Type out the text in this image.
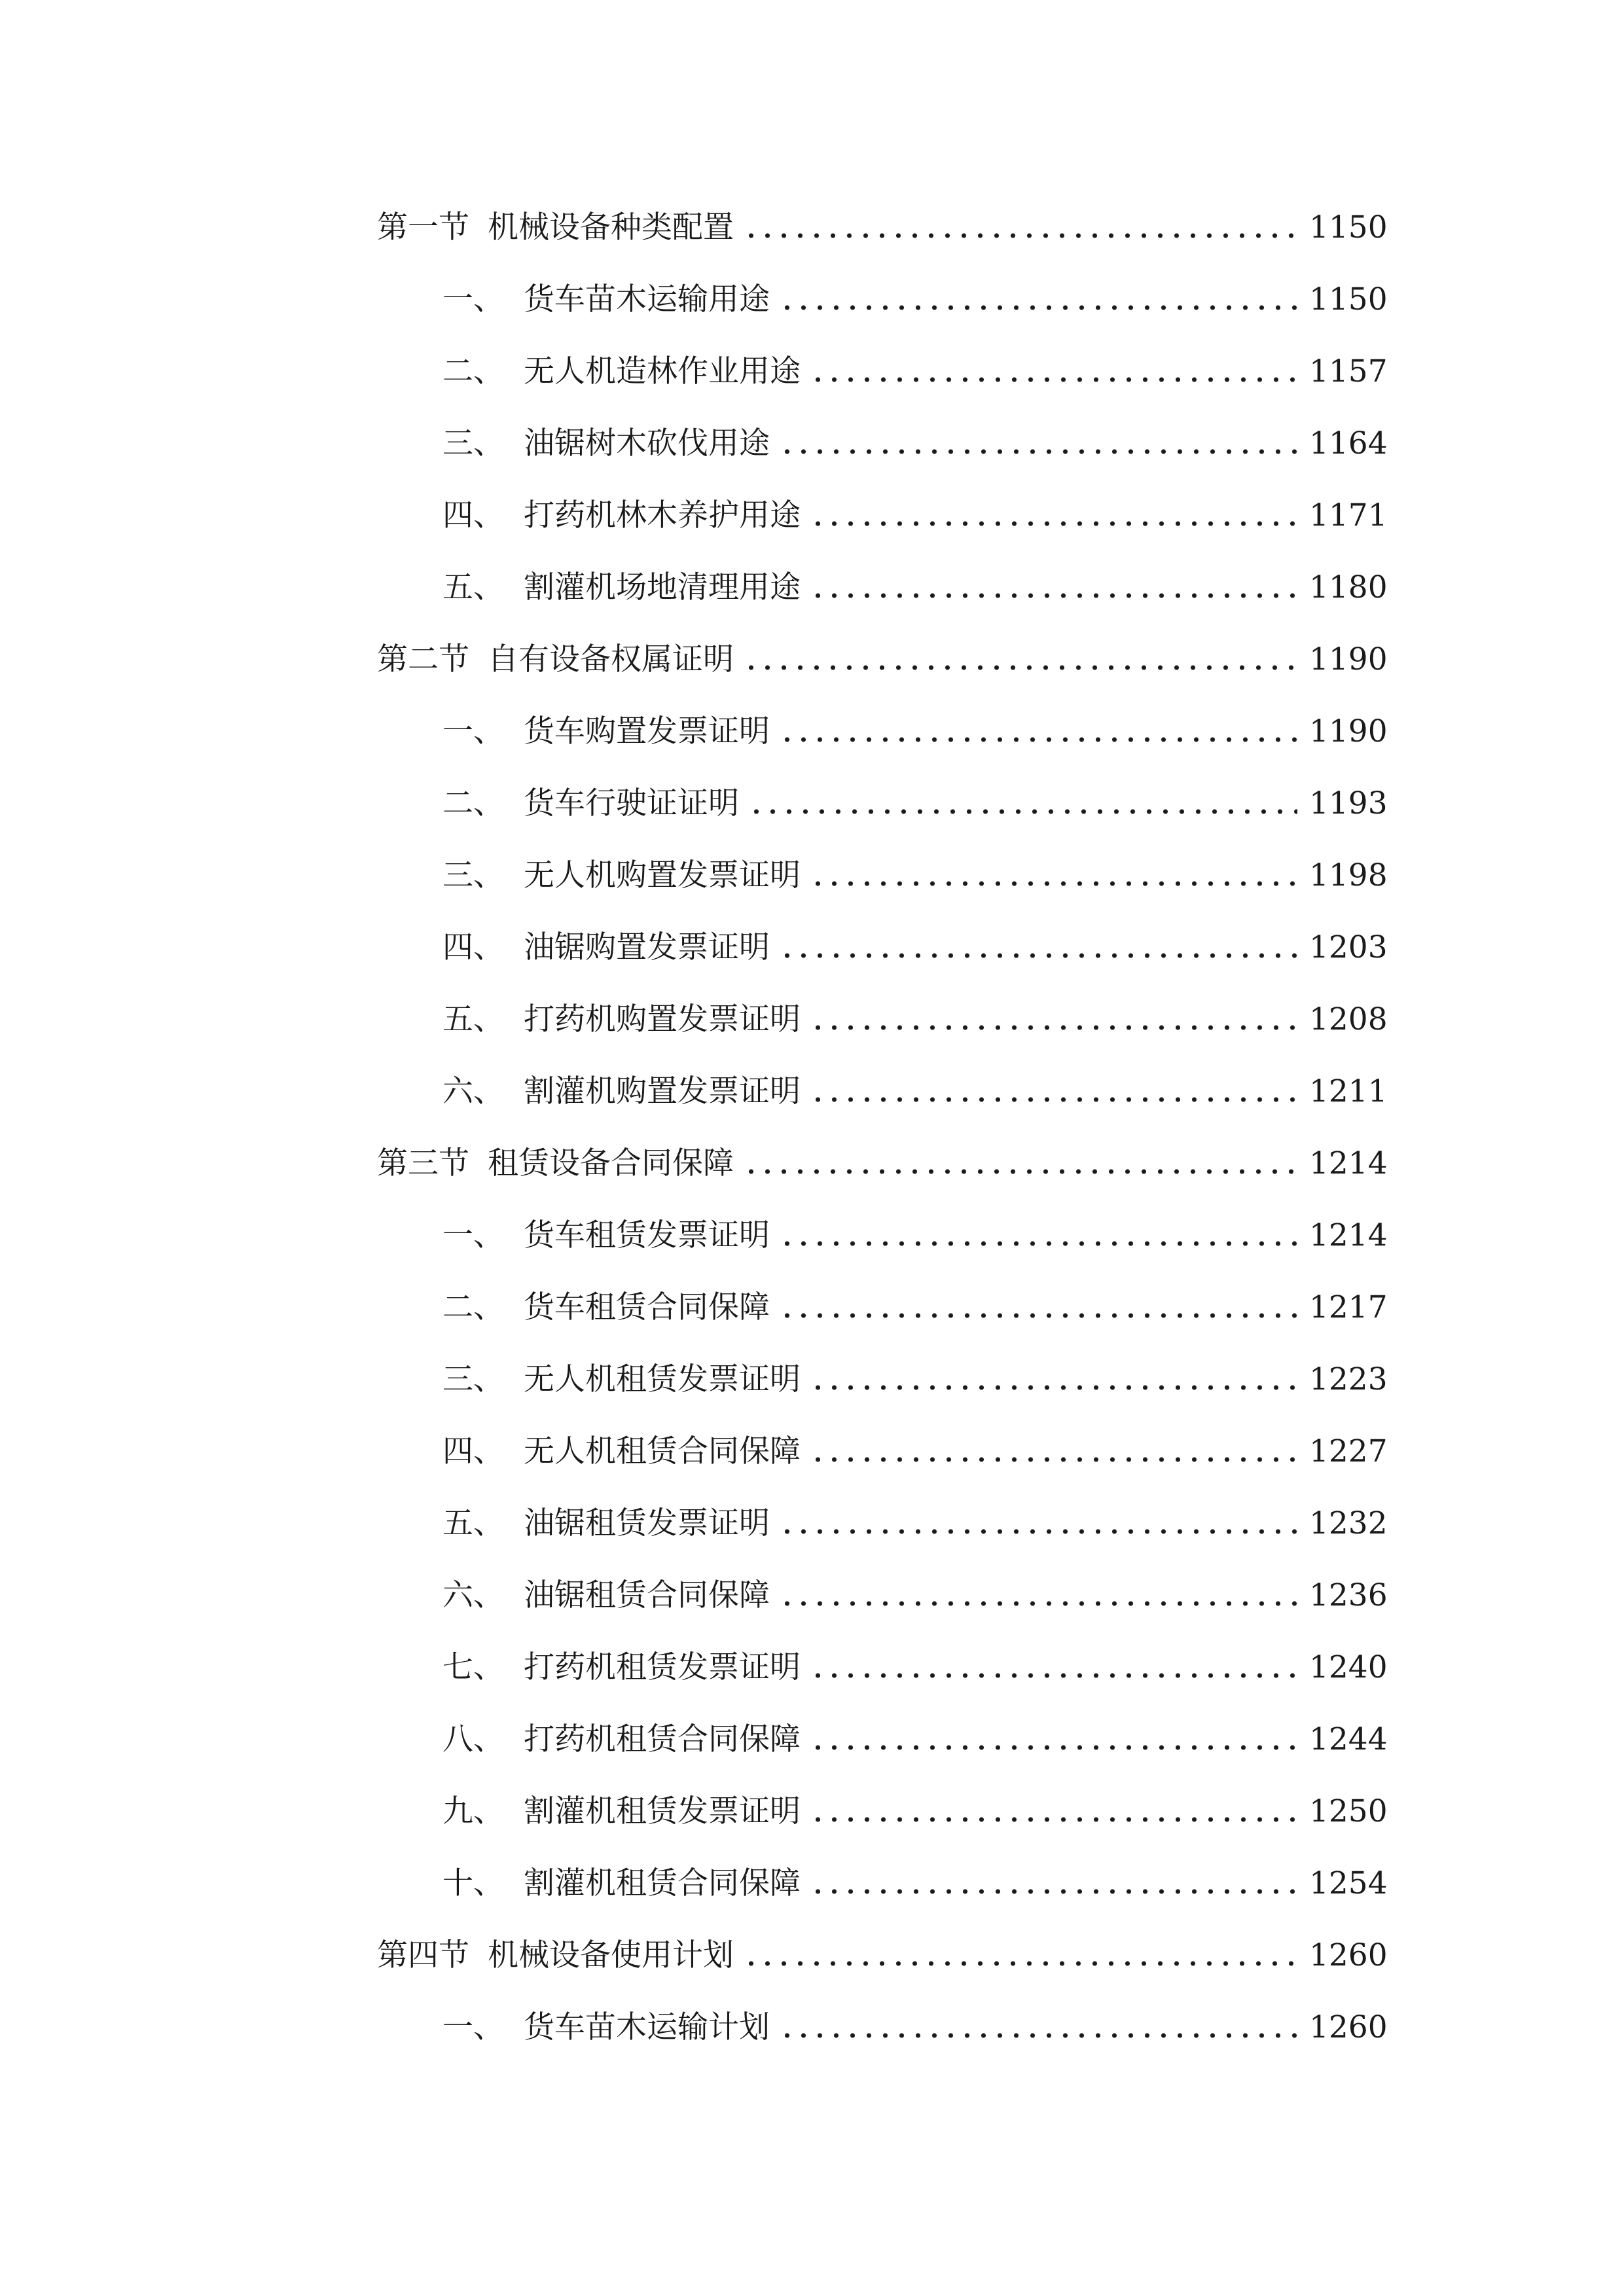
第一节 机械设备种类配置	1150
一、 货车苗木运输用途	1150
二、 无人机造林作业用途	1157
三、 油锯树木砍伐用途	1164
四、 打药机林木养护用途	1171
五、 割灌机场地清理用途	1180
第二节 自有设备权属证明	1190
一、 货车购置发票证明	1190
二、 货车行驶证证明	1193
三、 无人机购置发票证明	1198
四、 油锯购置发票证明	1203
五、 打药机购置发票证明	1208
六、 割灌机购置发票证明	1211
第三节 租赁设备合同保障	1214
一、 货车租赁发票证明	1214
二、 货车租赁合同保障	1217
三、 无人机租赁发票证明	1223
四、 无人机租赁合同保障	1227
五、 油锯租赁发票证明	1232
六、 油锯租赁合同保障	1236
七、 打药机租赁发票证明	1240
八、 打药机租赁合同保障	1244
九、 割灌机租赁发票证明	1250
十、 割灌机租赁合同保障	1254
第四节 机械设备使用计划	1260
一、 货车苗木运输计划	1260
